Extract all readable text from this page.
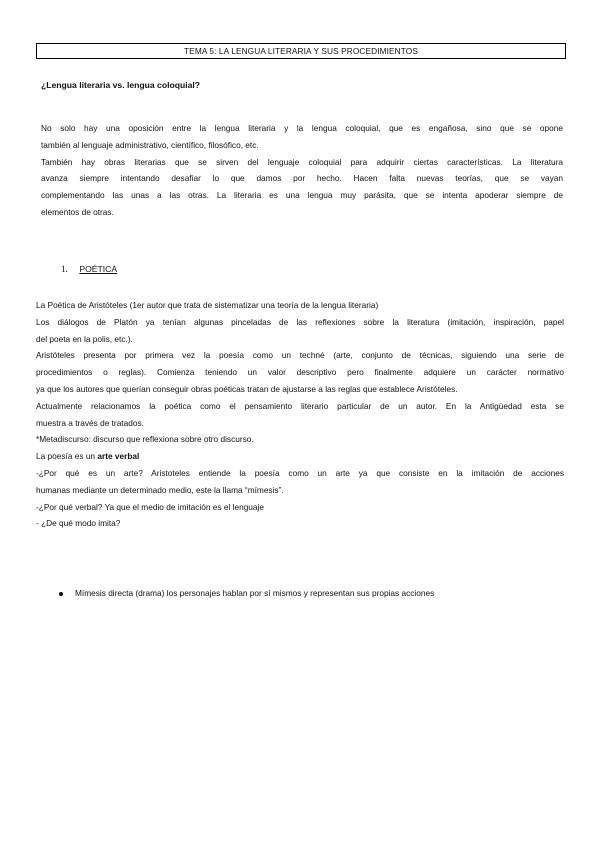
TEMA 5: LA LENGUA LITERARIA Y SUS PROCEDIMIENTOS
¿Lengua literaria vs. lengua coloquial?
No solo hay una oposición entre la lengua literaria y la lengua coloquial, que es engañosa, sino que se opone
también al lenguaje administrativo, científico, filosófico, etc.
También hay obras literarias que se sirven del lenguaje coloquial para adquirir ciertas características. La literatura
avanza siempre intentando desafiar lo que damos por hecho. Hacen falta nuevas teorías, que se vayan
complementando las unas a las otras. La literaria es una lengua muy parásita, que se intenta apoderar siempre de
elementos de otras.
1. POÉTICA
La Poética de Aristóteles (1er autor que trata de sistematizar una teoría de la lengua literaria)
Los diálogos de Platón ya tenían algunas pinceladas de las reflexiones sobre la literatura (imitación, inspiración, papel
del poeta en la polis, etc.).
Aristóteles presenta por primera vez la poesía como un techné (arte, conjunto de técnicas, siguiendo una serie de
procedimientos o reglas). Comienza teniendo un valor descriptivo pero finalmente adquiere un carácter normativo
ya que los autores que querían conseguir obras poéticas tratan de ajustarse a las reglas que establece Aristóteles.
Actualmente relacionamos la poética como el pensamiento literario particular de un autor. En la Antigüedad esta se
muestra a través de tratados.
*Metadiscurso: discurso que reflexiona sobre otro discurso.
La poesía es un arte verbal
-¿Por qué es un arte? Aristoteles entiende la poesía como un arte ya que consiste en la imitación de acciones
humanas mediante un determinado medio, este la llama “mímesis”.
-¿Por qué verbal? Ya que el medio de imitación es el lenguaje
- ¿De qué modo imita?
Mímesis directa (drama) los personajes hablan por sí mismos y representan sus propias acciones
